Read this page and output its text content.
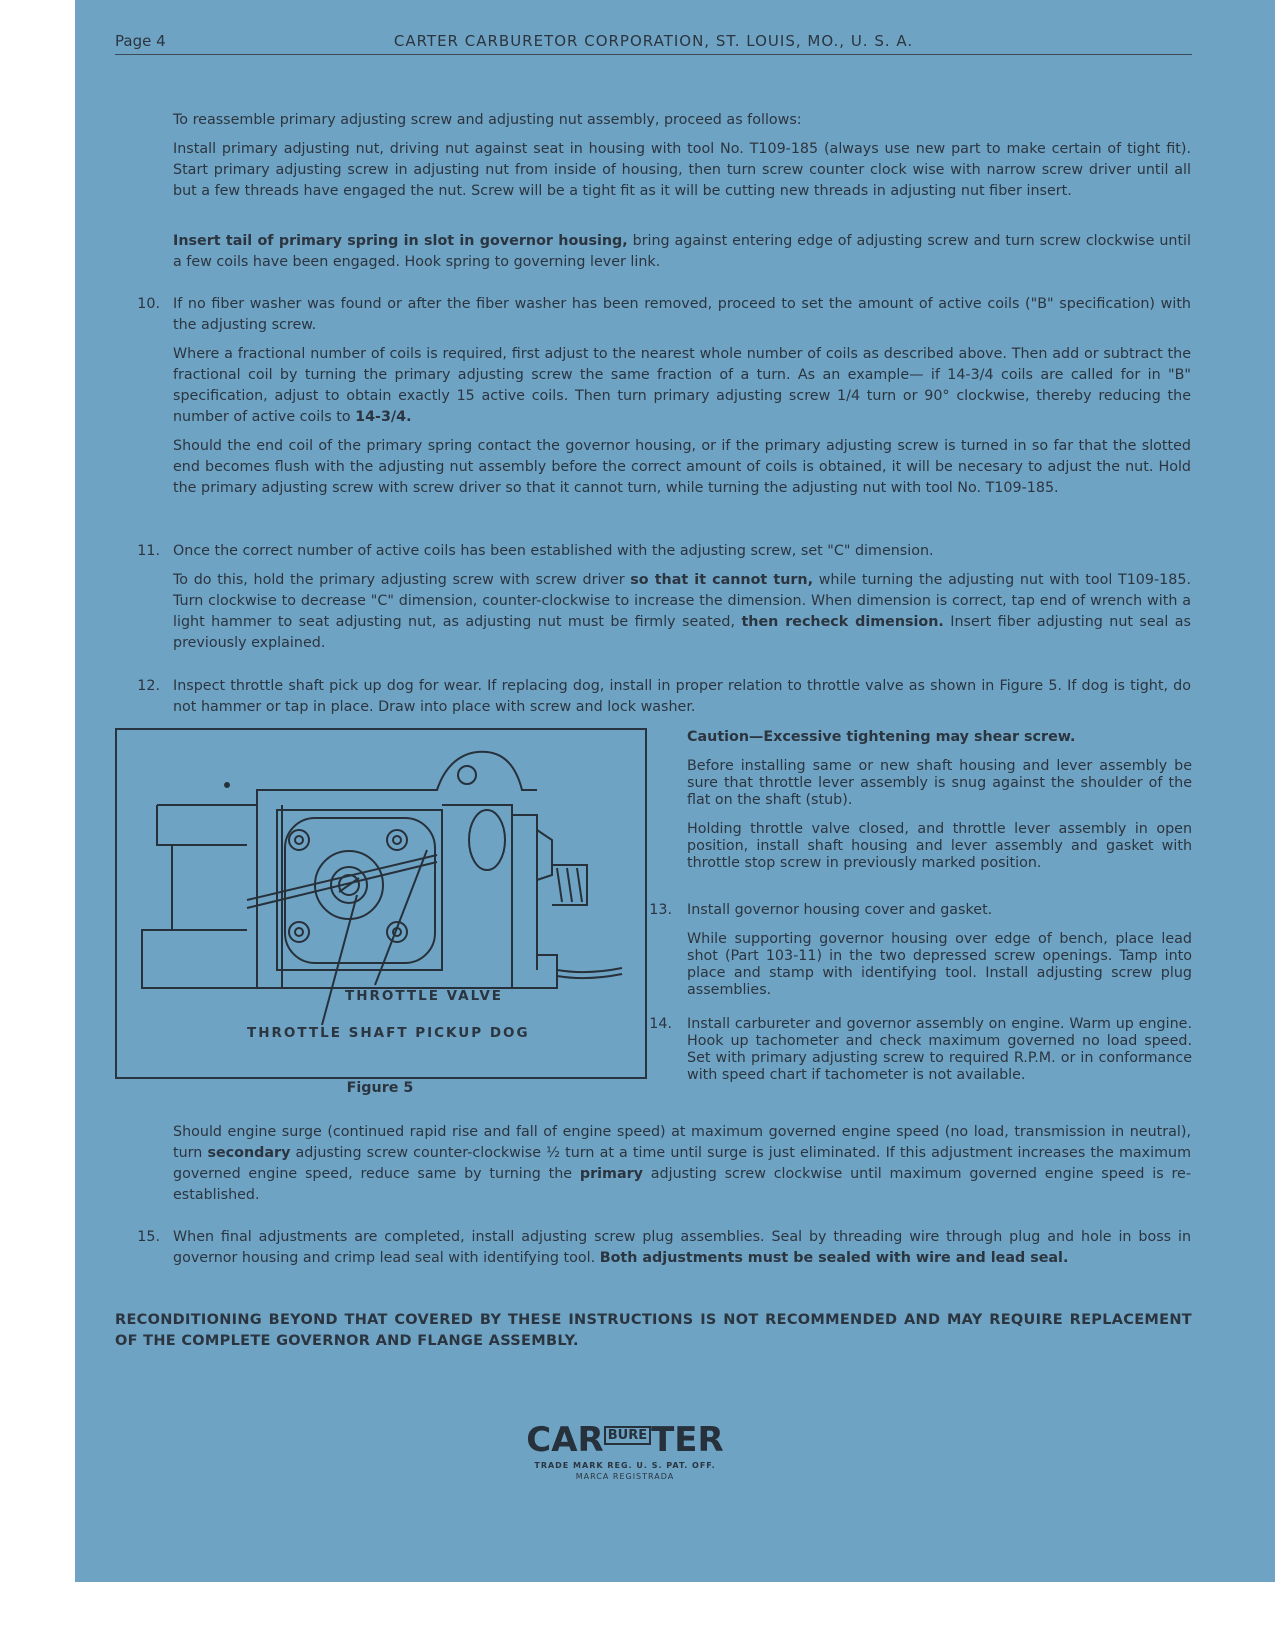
Page 4	CARTER CARBURETOR CORPORATION, ST. LOUIS, MO., U. S. A.
To reassemble primary adjusting screw and adjusting nut assembly, proceed as follows:
Install primary adjusting nut, driving nut against seat in housing with tool No. T109-185 (always use new part to make certain of tight fit). Start primary adjusting screw in adjusting nut from inside of housing, then turn screw counter clock wise with narrow screw driver until all but a few threads have engaged the nut. Screw will be a tight fit as it will be cutting new threads in adjusting nut fiber insert.
Insert tail of primary spring in slot in governor housing, bring against entering edge of adjusting screw and turn screw clockwise until a few coils have been engaged. Hook spring to governing lever link.
10. If no fiber washer was found or after the fiber washer has been removed, proceed to set the amount of active coils ("B" specification) with the adjusting screw.
Where a fractional number of coils is required, first adjust to the nearest whole number of coils as described above. Then add or subtract the fractional coil by turning the primary adjusting screw the same fraction of a turn. As an example— if 14-3/4 coils are called for in "B" specification, adjust to obtain exactly 15 active coils. Then turn primary adjusting screw 1/4 turn or 90° clockwise, thereby reducing the number of active coils to 14-3/4.
Should the end coil of the primary spring contact the governor housing, or if the primary adjusting screw is turned in so far that the slotted end becomes flush with the adjusting nut assembly before the correct amount of coils is obtained, it will be necesary to adjust the nut. Hold the primary adjusting screw with screw driver so that it cannot turn, while turning the adjusting nut with tool No. T109-185.
11. Once the correct number of active coils has been established with the adjusting screw, set "C" dimension.
To do this, hold the primary adjusting screw with screw driver so that it cannot turn, while turning the adjusting nut with tool T109-185. Turn clockwise to decrease "C" dimension, counter-clockwise to increase the dimension. When dimension is correct, tap end of wrench with a light hammer to seat adjusting nut, as adjusting nut must be firmly seated, then recheck dimension. Insert fiber adjusting nut seal as previously explained.
12. Inspect throttle shaft pick up dog for wear. If replacing dog, install in proper relation to throttle valve as shown in Figure 5. If dog is tight, do not hammer or tap in place. Draw into place with screw and lock washer.
THROTTLE VALVE
THROTTLE SHAFT PICKUP DOG
Figure 5
Caution—Excessive tightening may shear screw.
Before installing same or new shaft housing and lever assembly be sure that throttle lever assembly is snug against the shoulder of the flat on the shaft (stub).
Holding throttle valve closed, and throttle lever assembly in open position, install shaft housing and lever assembly and gasket with throttle stop screw in previously marked position.
13. Install governor housing cover and gasket.
While supporting governor housing over edge of bench, place lead shot (Part 103-11) in the two depressed screw openings. Tamp into place and stamp with identifying tool. Install adjusting screw plug assemblies.
14. Install carbureter and governor assembly on engine. Warm up engine. Hook up tachometer and check maximum governed no load speed. Set with primary adjusting screw to required R.P.M. or in conformance with speed chart if tachometer is not available.
Should engine surge (continued rapid rise and fall of engine speed) at maximum governed engine speed (no load, transmission in neutral), turn secondary adjusting screw counter-clockwise ½ turn at a time until surge is just eliminated. If this adjustment increases the maximum governed engine speed, reduce same by turning the primary adjusting screw clockwise until maximum governed engine speed is re-established.
15. When final adjustments are completed, install adjusting screw plug assemblies. Seal by threading wire through plug and hole in boss in governor housing and crimp lead seal with identifying tool. Both adjustments must be sealed with wire and lead seal.
RECONDITIONING BEYOND THAT COVERED BY THESE INSTRUCTIONS IS NOT RECOMMENDED AND MAY REQUIRE REPLACEMENT OF THE COMPLETE GOVERNOR AND FLANGE ASSEMBLY.
CAR BURE TER
TRADE MARK REG. U. S. PAT. OFF.
MARCA REGISTRADA
